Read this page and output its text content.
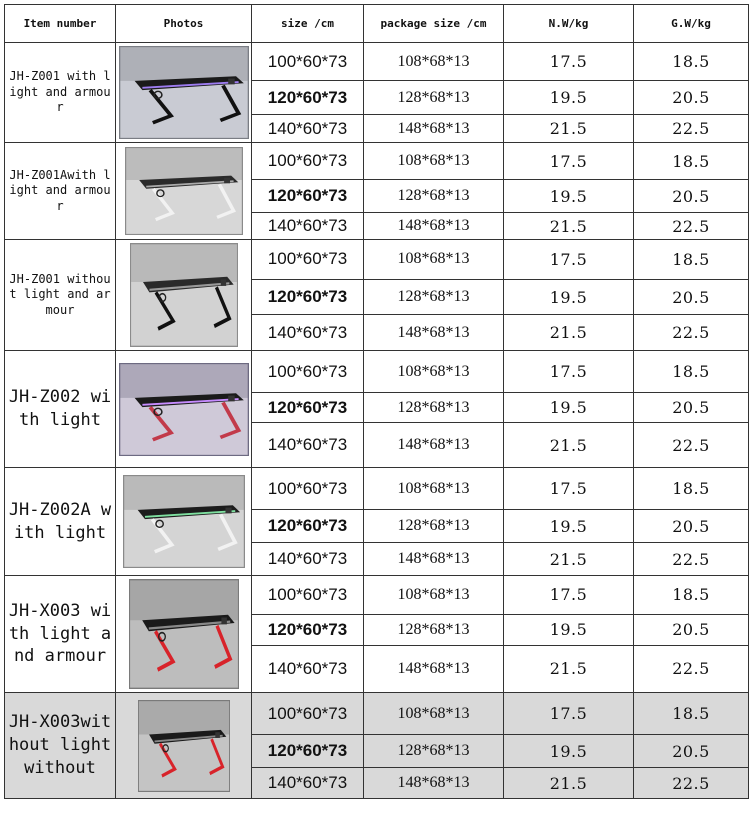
Item number	Photos	size /cm	package size /cm	N.W/kg	G.W/kg
JH-Z001 with light and armour		100*60*73	108*68*13	17.5	18.5
		120*60*73	128*68*13	19.5	20.5
		140*60*73	148*68*13	21.5	22.5
JH-Z001Awith light and armour		100*60*73	108*68*13	17.5	18.5
		120*60*73	128*68*13	19.5	20.5
		140*60*73	148*68*13	21.5	22.5
JH-Z001 without light and armour		100*60*73	108*68*13	17.5	18.5
		120*60*73	128*68*13	19.5	20.5
		140*60*73	148*68*13	21.5	22.5
JH-Z002 with light		100*60*73	108*68*13	17.5	18.5
		120*60*73	128*68*13	19.5	20.5
		140*60*73	148*68*13	21.5	22.5
JH-Z002A with light		100*60*73	108*68*13	17.5	18.5
		120*60*73	128*68*13	19.5	20.5
		140*60*73	148*68*13	21.5	22.5
JH-X003 with light and armour		100*60*73	108*68*13	17.5	18.5
		120*60*73	128*68*13	19.5	20.5
		140*60*73	148*68*13	21.5	22.5
JH-X003without light without		100*60*73	108*68*13	17.5	18.5
		120*60*73	128*68*13	19.5	20.5
		140*60*73	148*68*13	21.5	22.5
